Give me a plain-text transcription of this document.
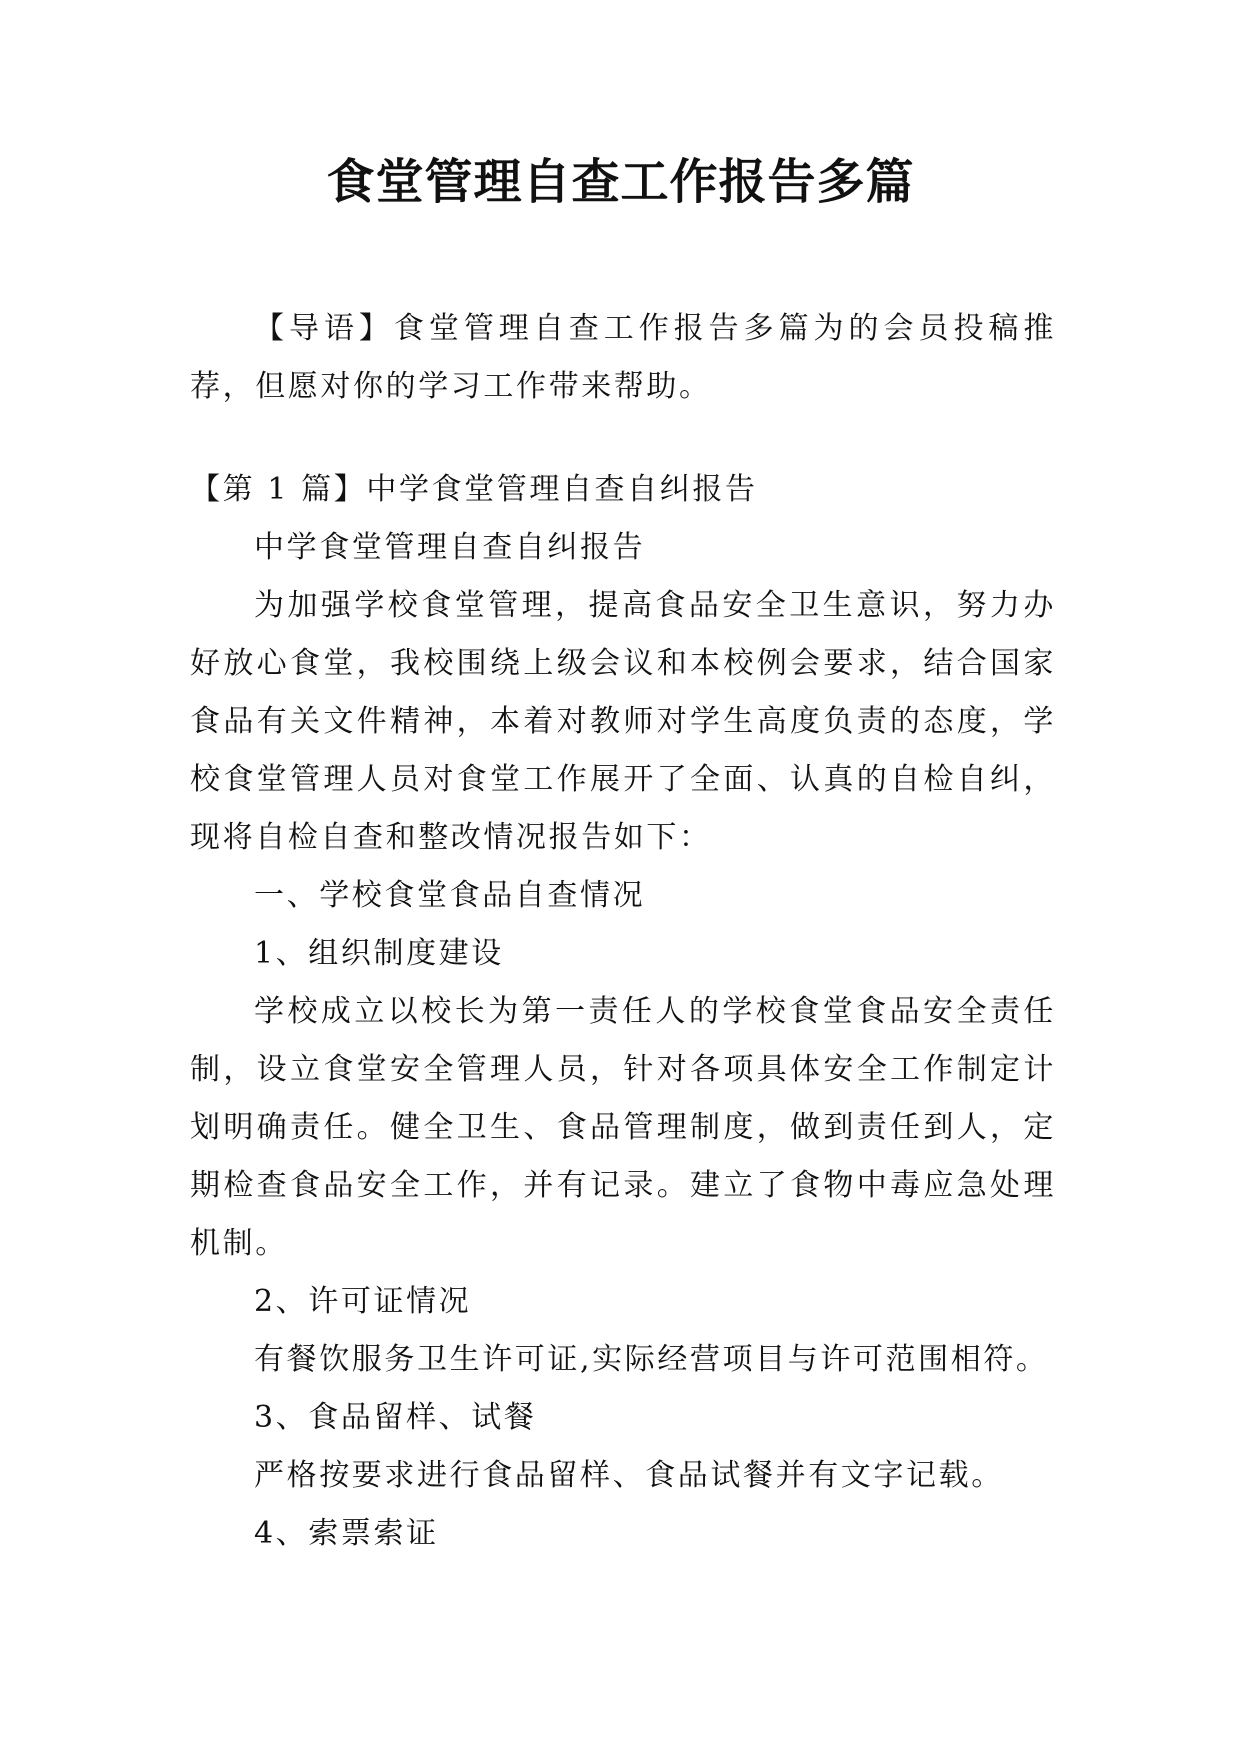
食堂管理自查工作报告多篇

【导语】食堂管理自查工作报告多篇为的会员投稿推荐，但愿对你的学习工作带来帮助。

【第 1 篇】中学食堂管理自查自纠报告

中学食堂管理自查自纠报告

为加强学校食堂管理，提高食品安全卫生意识，努力办好放心食堂，我校围绕上级会议和本校例会要求，结合国家食品有关文件精神，本着对教师对学生高度负责的态度，学校食堂管理人员对食堂工作展开了全面、认真的自检自纠，现将自检自查和整改情况报告如下：

一、学校食堂食品自查情况

1、组织制度建设

学校成立以校长为第一责任人的学校食堂食品安全责任制，设立食堂安全管理人员，针对各项具体安全工作制定计划明确责任。健全卫生、食品管理制度，做到责任到人，定期检查食品安全工作，并有记录。建立了食物中毒应急处理机制。

2、许可证情况

有餐饮服务卫生许可证,实际经营项目与许可范围相符。

3、食品留样、试餐

严格按要求进行食品留样、食品试餐并有文字记载。

4、索票索证
